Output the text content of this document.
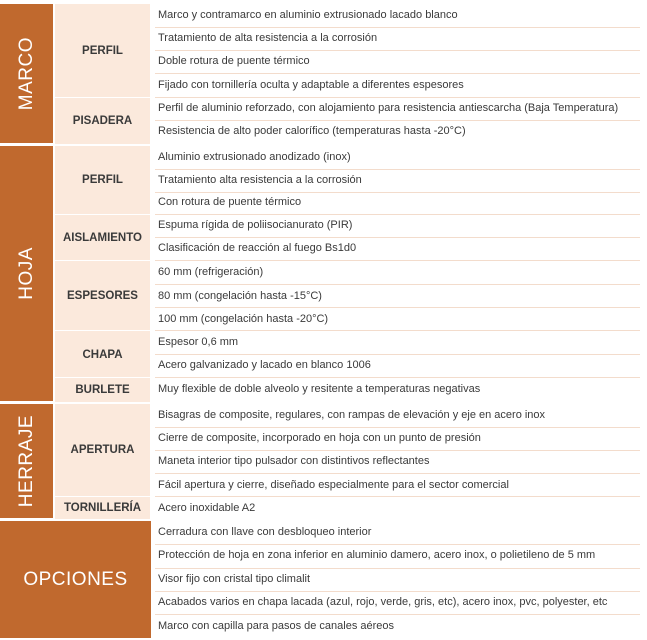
MARCO	PERFIL
PISADERA
Marco y contramarco en aluminio extrusionado lacado blanco
Tratamiento de alta resistencia a la corrosión
Doble rotura de puente térmico
Fijado con tornillería oculta y adaptable a diferentes espesores
Perfil de aluminio reforzado, con alojamiento para resistencia antiescarcha (Baja Temperatura)
Resistencia de alto poder calorífico (temperaturas hasta -20°C)
HOJA
PERFIL
AISLAMIENTO
ESPESORES
CHAPA
BURLETE
Aluminio extrusionado anodizado (inox)
Tratamiento alta resistencia a la corrosión
Con rotura de puente térmico
Espuma rígida de poliisocianurato (PIR)
Clasificación de reacción al fuego Bs1d0
60 mm (refrigeración)
80 mm (congelación hasta -15°C)
100 mm (congelación hasta -20°C)
Espesor 0,6 mm
Acero galvanizado y lacado en blanco 1006
Muy flexible de doble alveolo y resitente a temperaturas negativas
HERRAJE	APERTURA
TORNILLERÍA
Bisagras de composite, regulares, con rampas de elevación y eje en acero inox
Cierre de composite, incorporado en hoja con un punto de presión
Maneta interior tipo pulsador con distintivos reflectantes
Fácil apertura y cierre, diseñado especialmente para el sector comercial
Acero inoxidable A2
OPCIONES
Cerradura con llave con desbloqueo interior
Protección de hoja en zona inferior en aluminio damero, acero inox, o polietileno de 5 mm
Visor fijo con cristal tipo climalit
Acabados varios en chapa lacada (azul, rojo, verde, gris, etc), acero inox, pvc, polyester, etc
Marco con capilla para pasos de canales aéreos
